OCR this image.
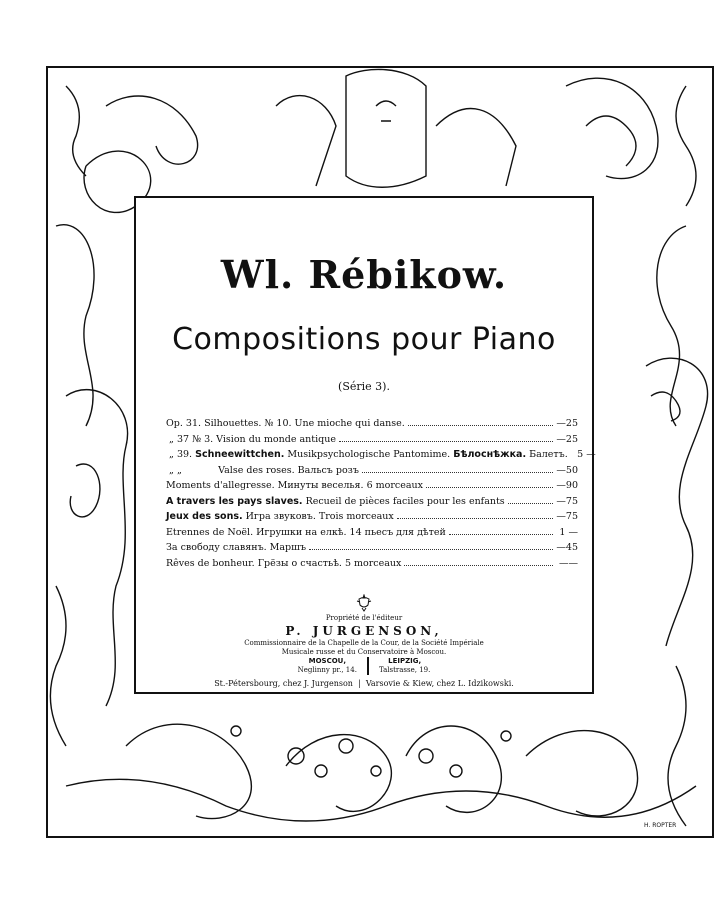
Wl. Rébikow.
Compositions pour Piano
(Série 3).
Op. 31. Silhouettes. № 10. Une mioche qui danse.	—25
„ 37 № 3. Vision du monde antique	—25
„ 39. Schneewittchen. Musikpsychologische Pantomime. Бѣлоснѣжка. Балетъ. 5 —
„ „	Valse des roses. Вальсъ розъ	—50
Moments d'allegresse. Минуты веселья. 6 morceaux	—90
A travers les pays slaves. Recueil de pièces faciles pour les enfants	—75
Jeux des sons. Игра звуковъ. Trois morceaux	—75
Etrennes de Noël. Игрушки на елкѣ. 14 пьесъ для дѣтей	1 —
За свободу славянъ. Маршъ	—45
Rêves de bonheur. Грёзы о счастьѣ. 5 morceaux	——
Propriété de l'éditeur
P. JURGENSON,
Commissionnaire de la Chapelle de la Cour, de la Société Impériale
Musicale russe et du Conservatoire à Moscou.
MOSCOU,
Neglinny pr., 14.
LEIPZIG,
Talstrasse, 19.
St.-Pétersbourg, chez J. Jurgenson  |  Varsovie & Kiew, chez L. Idzikowski.
H. ROPTER
